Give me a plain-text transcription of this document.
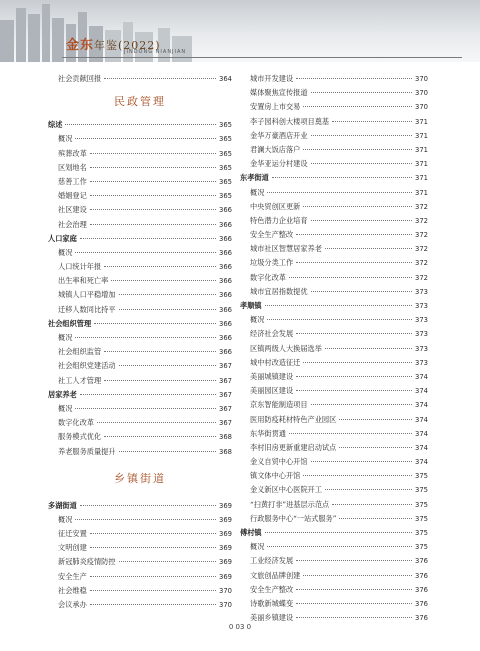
金东年鉴(2022)
JINDONG NIANJIAN
社会贡献回报	364
民政管理
综述	365
概况	365
殡葬改革	365
区划地名	365
慈善工作	365
婚姻登记	365
社区建设	366
社会治理	366
人口家庭	366
概况	366
人口统计年报	366
出生率和死亡率	366
城镇人口平稳增加	366
迁移人数同比持平	366
社会组织管理	366
概况	366
社会组织监管	366
社会组织党建活动	367
社工人才管理	367
居家养老	367
概况	367
数字化改革	367
服务模式优化	368
养老服务质量提升	368
乡镇街道
多湖街道	369
概况	369
征迁安置	369
文明创建	369
新冠肺炎疫情防控	369
安全生产	369
社会维稳	370
会议承办	370
城市开发建设	370
媒体聚焦宣传报道	370
安置房上市交易	370
李子园科创大楼项目奠基	371
金华万豪酒店开业	371
君澜大饭店落户	371
金华亚运分村建设	371
东孝街道	371
概况	371
中央贸创区更新	372
特色潜力企业培育	372
安全生产整改	372
城市社区智慧居家养老	372
垃圾分类工作	372
数字化改革	372
城市宜居指数提优	373
孝顺镇	373
概况	373
经济社会发展	373
区镇两级人大换届选举	373
城中村改造征迁	373
美丽城镇建设	374
美丽园区建设	374
京东智能制造项目	374
医用防疫耗材特色产业园区	374
东华街贯通	374
李村旧房更新重建启动试点	374
金义自贸中心开馆	374
镇文体中心开馆	375
金义新区中心医院开工	375
“扫黄打非”进基层示范点	375
行政服务中心“一站式服务”	375
傅村镇	375
概况	375
工业经济发展	376
文旅创品牌创建	376
安全生产整改	376
诗歌新城蝶变	376
美丽乡镇建设	376
0 03 0
